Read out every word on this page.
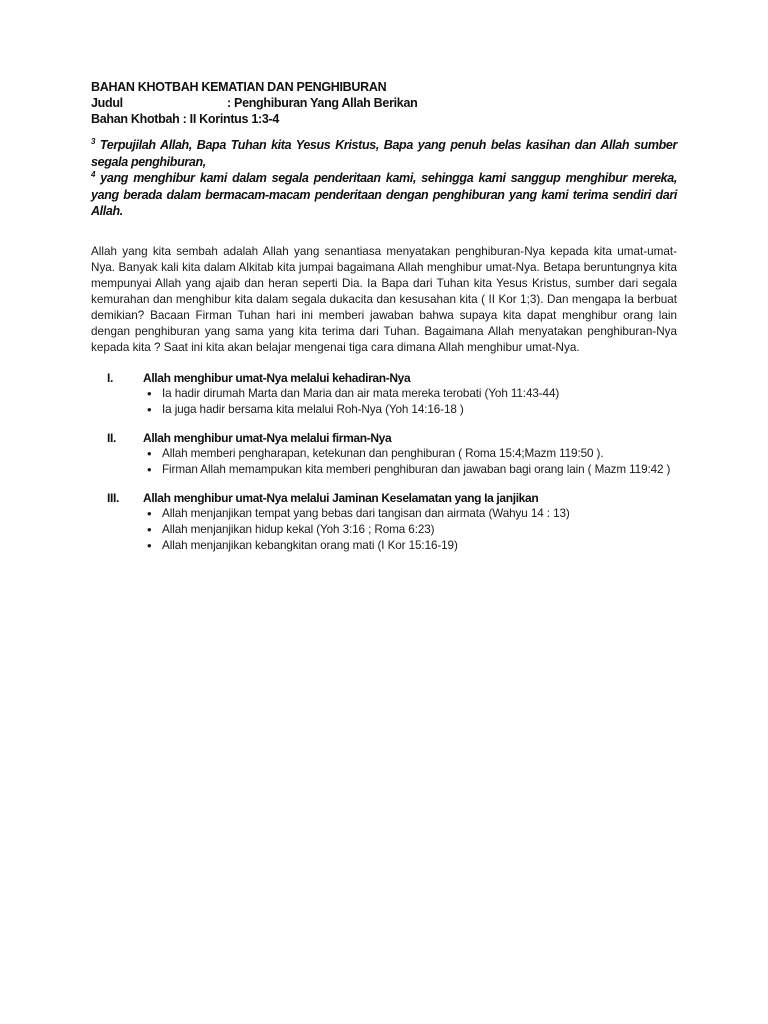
BAHAN KHOTBAH KEMATIAN DAN PENGHIBURAN
Judul	: Penghiburan Yang Allah Berikan
Bahan Khotbah : II Korintus 1:3-4
$^3$ Terpujilah Allah, Bapa Tuhan kita Yesus Kristus, Bapa yang penuh belas kasihan dan Allah sumber segala penghiburan,
$^4$ yang menghibur kami dalam segala penderitaan kami, sehingga kami sanggup menghibur mereka, yang berada dalam bermacam-macam penderitaan dengan penghiburan yang kami terima sendiri dari Allah.
Allah yang kita sembah adalah Allah yang senantiasa menyatakan penghiburan-Nya kepada kita umat-umat-Nya. Banyak kali kita dalam Alkitab kita jumpai bagaimana Allah menghibur umat-Nya. Betapa beruntungnya kita mempunyai Allah yang ajaib dan heran seperti Dia. Ia Bapa dari Tuhan kita Yesus Kristus, sumber dari segala kemurahan dan menghibur kita dalam segala dukacita dan kesusahan kita ( II Kor 1;3). Dan mengapa Ia berbuat demikian? Bacaan Firman Tuhan hari ini memberi jawaban bahwa supaya kita dapat menghibur orang lain dengan penghiburan yang sama yang kita terima dari Tuhan. Bagaimana Allah menyatakan penghiburan-Nya kepada kita ? Saat ini kita akan belajar mengenai tiga cara dimana Allah menghibur umat-Nya.
I.	Allah menghibur umat-Nya melalui kehadiran-Nya
• Ia hadir dirumah Marta dan Maria dan air mata mereka terobati (Yoh 11:43-44)
• Ia juga hadir bersama kita melalui Roh-Nya (Yoh 14:16-18 )
II. Allah menghibur umat-Nya melalui firman-Nya
• Allah memberi pengharapan, ketekunan dan penghiburan ( Roma 15:4;Mazm 119:50 ).
• Firman Allah memampukan kita memberi penghiburan dan jawaban bagi orang lain ( Mazm 119:42 )
III. Allah menghibur umat-Nya melalui Jaminan Keselamatan yang Ia janjikan
• Allah menjanjikan tempat yang bebas dari tangisan dan airmata (Wahyu 14 : 13)
• Allah menjanjikan hidup kekal (Yoh 3:16 ; Roma 6:23)
• Allah menjanjikan kebangkitan orang mati (I Kor 15:16-19)
